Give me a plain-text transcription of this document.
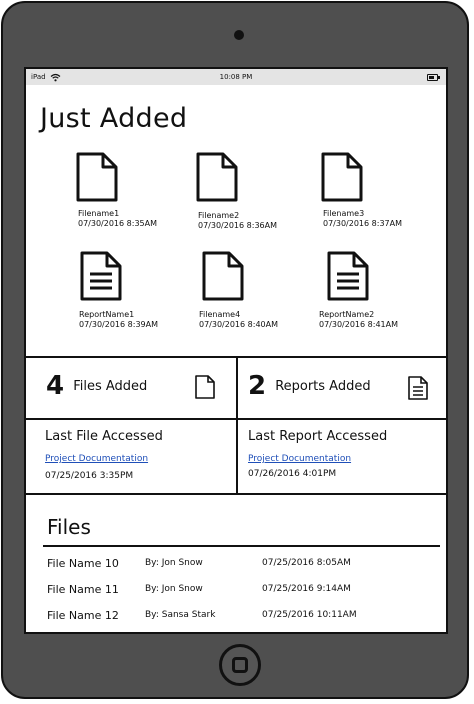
iPad	10:08 PM
Just Added
Filename1
07/30/2016 8:35AM
Filename2
07/30/2016 8:36AM
Filename3
07/30/2016 8:37AM
ReportName1
07/30/2016 8:39AM
Filename4
07/30/2016 8:40AM
ReportName2
07/30/2016 8:41AM
4 Files Added	2 Reports Added
Last File Accessed
Project Documentation
07/25/2016 3:35PM
Last Report Accessed
Project Documentation
07/26/2016 4:01PM
Files
File Name 10	By: Jon Snow	07/25/2016 8:05AM
File Name 11	By: Jon Snow	07/25/2016 9:14AM
File Name 12	By: Sansa Stark	07/25/2016 10:11AM
